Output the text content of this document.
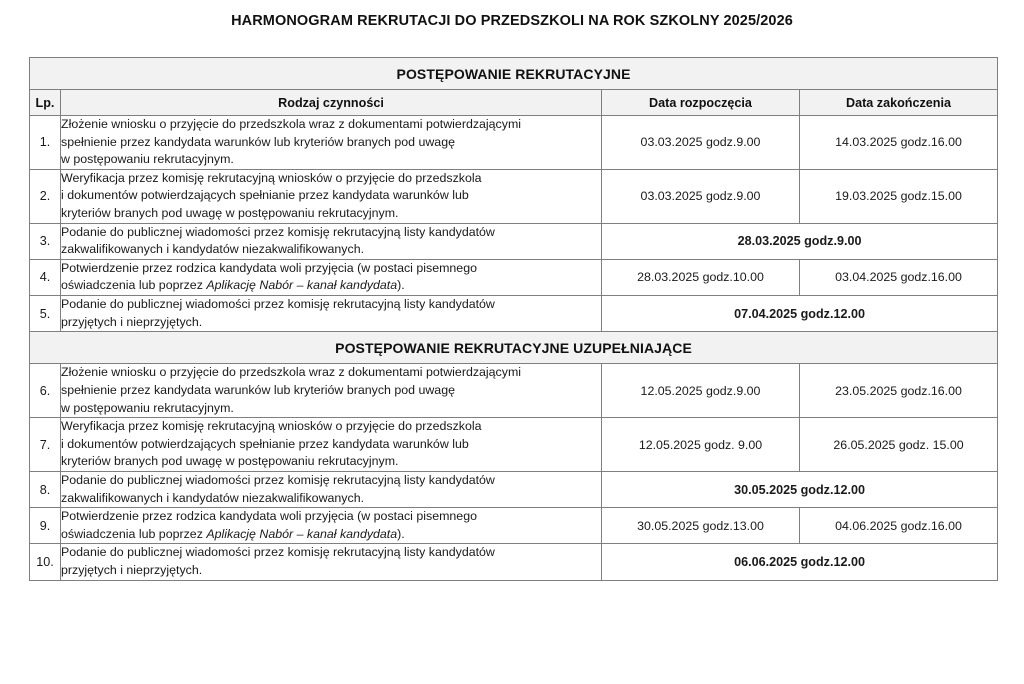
HARMONOGRAM REKRUTACJI DO PRZEDSZKOLI NA ROK SZKOLNY 2025/2026
POSTĘPOWANIE REKRUTACYJNE			
Lp.	Rodzaj czynności	Data rozpoczęcia	Data zakończenia
1.	Złożenie wniosku o przyjęcie do przedszkola wraz z dokumentami potwierdzającymi
spełnienie przez kandydata warunków lub kryteriów branych pod uwagę
w postępowaniu rekrutacyjnym.	03.03.2025 godz.9.00	14.03.2025 godz.16.00
2.	Weryfikacja przez komisję rekrutacyjną wniosków o przyjęcie do przedszkola
i dokumentów potwierdzających spełnianie przez kandydata warunków lub
kryteriów branych pod uwagę w postępowaniu rekrutacyjnym.	03.03.2025 godz.9.00	19.03.2025 godz.15.00
3.	Podanie do publicznej wiadomości przez komisję rekrutacyjną listy kandydatów
zakwalifikowanych i kandydatów niezakwalifikowanych.	28.03.2025 godz.9.00	
4.	Potwierdzenie przez rodzica kandydata woli przyjęcia (w postaci pisemnego
oświadczenia lub poprzez Aplikację Nabór – kanał kandydata).	28.03.2025 godz.10.00	03.04.2025 godz.16.00
5.	Podanie do publicznej wiadomości przez komisję rekrutacyjną listy kandydatów
przyjętych i nieprzyjętych.	07.04.2025 godz.12.00	
POSTĘPOWANIE REKRUTACYJNE UZUPEŁNIAJĄCE			
6.	Złożenie wniosku o przyjęcie do przedszkola wraz z dokumentami potwierdzającymi
spełnienie przez kandydata warunków lub kryteriów branych pod uwagę
w postępowaniu rekrutacyjnym.	12.05.2025 godz.9.00	23.05.2025 godz.16.00
7.	Weryfikacja przez komisję rekrutacyjną wniosków o przyjęcie do przedszkola
i dokumentów potwierdzających spełnianie przez kandydata warunków lub
kryteriów branych pod uwagę w postępowaniu rekrutacyjnym.	12.05.2025 godz. 9.00	26.05.2025 godz. 15.00
8.	Podanie do publicznej wiadomości przez komisję rekrutacyjną listy kandydatów
zakwalifikowanych i kandydatów niezakwalifikowanych.	30.05.2025 godz.12.00	
9.	Potwierdzenie przez rodzica kandydata woli przyjęcia (w postaci pisemnego
oświadczenia lub poprzez Aplikację Nabór – kanał kandydata).	30.05.2025 godz.13.00	04.06.2025 godz.16.00
10.	Podanie do publicznej wiadomości przez komisję rekrutacyjną listy kandydatów
przyjętych i nieprzyjętych.	06.06.2025 godz.12.00	
